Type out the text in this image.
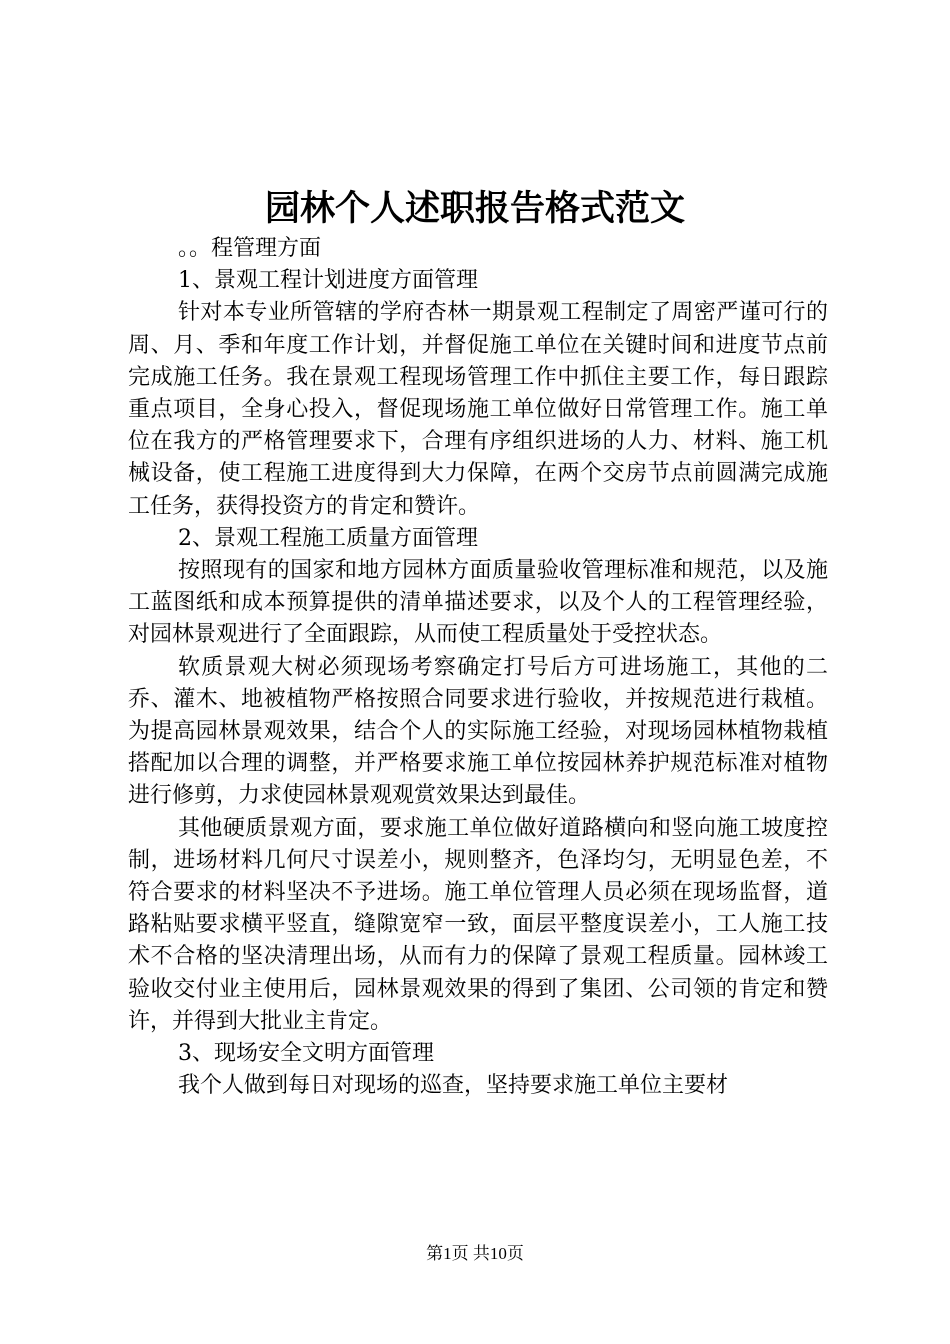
园林个人述职报告格式范文

。。程管理方面

1、景观工程计划进度方面管理

针对本专业所管辖的学府杏林一期景观工程制定了周密严谨可行的周、月、季和年度工作计划，并督促施工单位在关键时间和进度节点前完成施工任务。我在景观工程现场管理工作中抓住主要工作，每日跟踪重点项目，全身心投入，督促现场施工单位做好日常管理工作。施工单位在我方的严格管理要求下，合理有序组织进场的人力、材料、施工机械设备，使工程施工进度得到大力保障，在两个交房节点前圆满完成施工任务，获得投资方的肯定和赞许。

2、景观工程施工质量方面管理

按照现有的国家和地方园林方面质量验收管理标准和规范，以及施工蓝图纸和成本预算提供的清单描述要求，以及个人的工程管理经验，对园林景观进行了全面跟踪，从而使工程质量处于受控状态。

软质景观大树必须现场考察确定打号后方可进场施工，其他的二乔、灌木、地被植物严格按照合同要求进行验收，并按规范进行栽植。为提高园林景观效果，结合个人的实际施工经验，对现场园林植物栽植搭配加以合理的调整，并严格要求施工单位按园林养护规范标准对植物进行修剪，力求使园林景观观赏效果达到最佳。

其他硬质景观方面，要求施工单位做好道路横向和竖向施工坡度控制，进场材料几何尺寸误差小，规则整齐，色泽均匀，无明显色差，不符合要求的材料坚决不予进场。施工单位管理人员必须在现场监督，道路粘贴要求横平竖直，缝隙宽窄一致，面层平整度误差小，工人施工技术不合格的坚决清理出场，从而有力的保障了景观工程质量。园林竣工验收交付业主使用后，园林景观效果的得到了集团、公司领的肯定和赞许，并得到大批业主肯定。

3、现场安全文明方面管理

我个人做到每日对现场的巡查，坚持要求施工单位主要材

第1页 共10页
